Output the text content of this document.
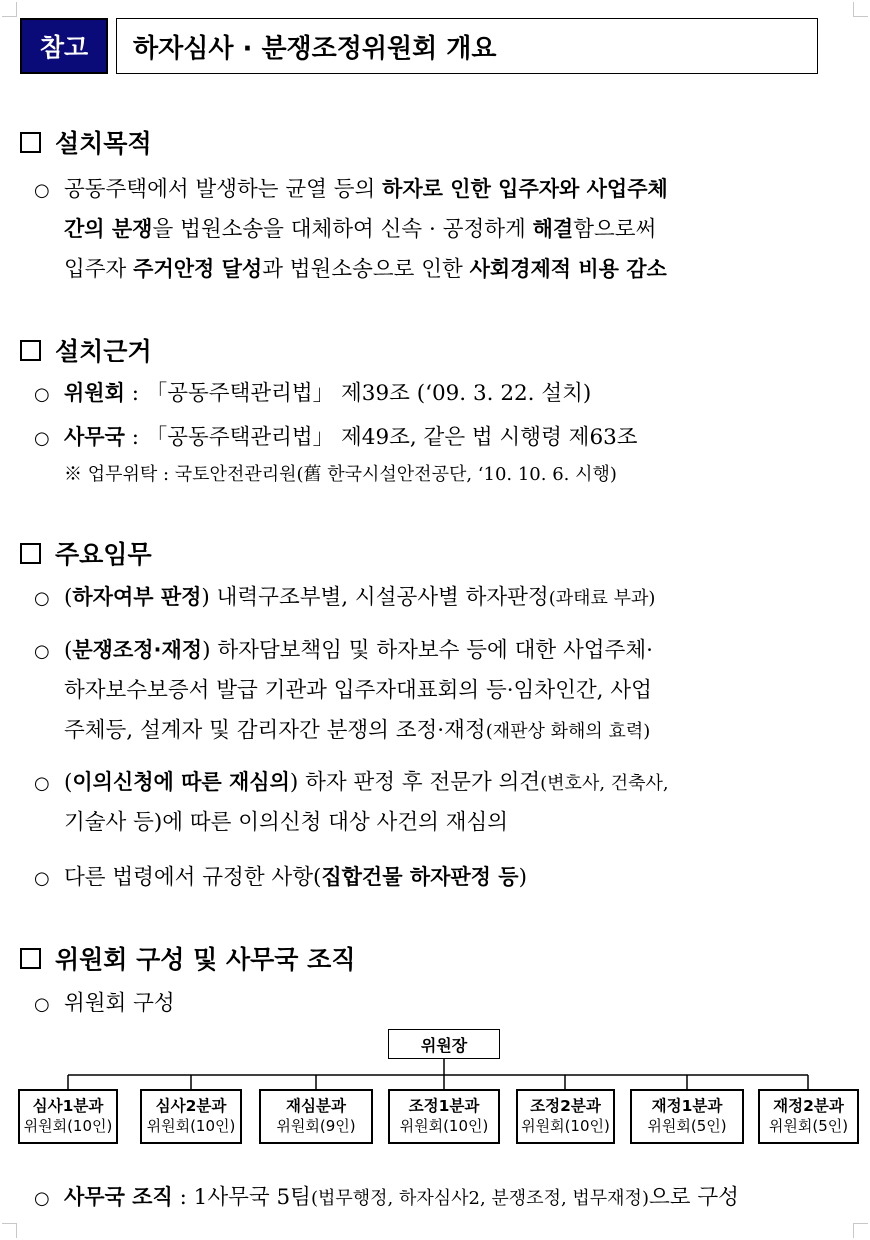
참고	하자심사 · 분쟁조정위원회 개요
설치목적
○ 공동주택에서 발생하는 균열 등의 하자로 인한 입주자와 사업주체
간의 분쟁을 법원소송을 대체하여 신속 · 공정하게 해결함으로써
입주자 주거안정 달성과 법원소송으로 인한 사회경제적 비용 감소
설치근거
○ 위원회 : 「공동주택관리법」 제39조 (‘09. 3. 22. 설치)
○ 사무국 : 「공동주택관리법」 제49조, 같은 법 시행령 제63조
※ 업무위탁 : 국토안전관리원(舊 한국시설안전공단, ‘10. 10. 6. 시행)
주요임무
○ (하자여부 판정) 내력구조부별, 시설공사별 하자판정(과태료 부과)
○ (분쟁조정·재정) 하자담보책임 및 하자보수 등에 대한 사업주체·
하자보수보증서 발급 기관과 입주자대표회의 등·임차인간, 사업
주체등, 설계자 및 감리자간 분쟁의 조정·재정(재판상 화해의 효력)
○ (이의신청에 따른 재심의) 하자 판정 후 전문가 의견(변호사, 건축사,
기술사 등)에 따른 이의신청 대상 사건의 재심의
○ 다른 법령에서 규정한 사항(집합건물 하자판정 등)
위원회 구성 및 사무국 조직
○ 위원회 구성
위원장
심사1분과
위원회(10인)
심사2분과
위원회(10인)
재심분과
위원회(9인)
조정1분과
위원회(10인)
조정2분과
위원회(10인)
재정1분과
위원회(5인)
재정2분과
위원회(5인)
○ 사무국 조직 : 1사무국 5팀(법무행정, 하자심사2, 분쟁조정, 법무재정)으로 구성
